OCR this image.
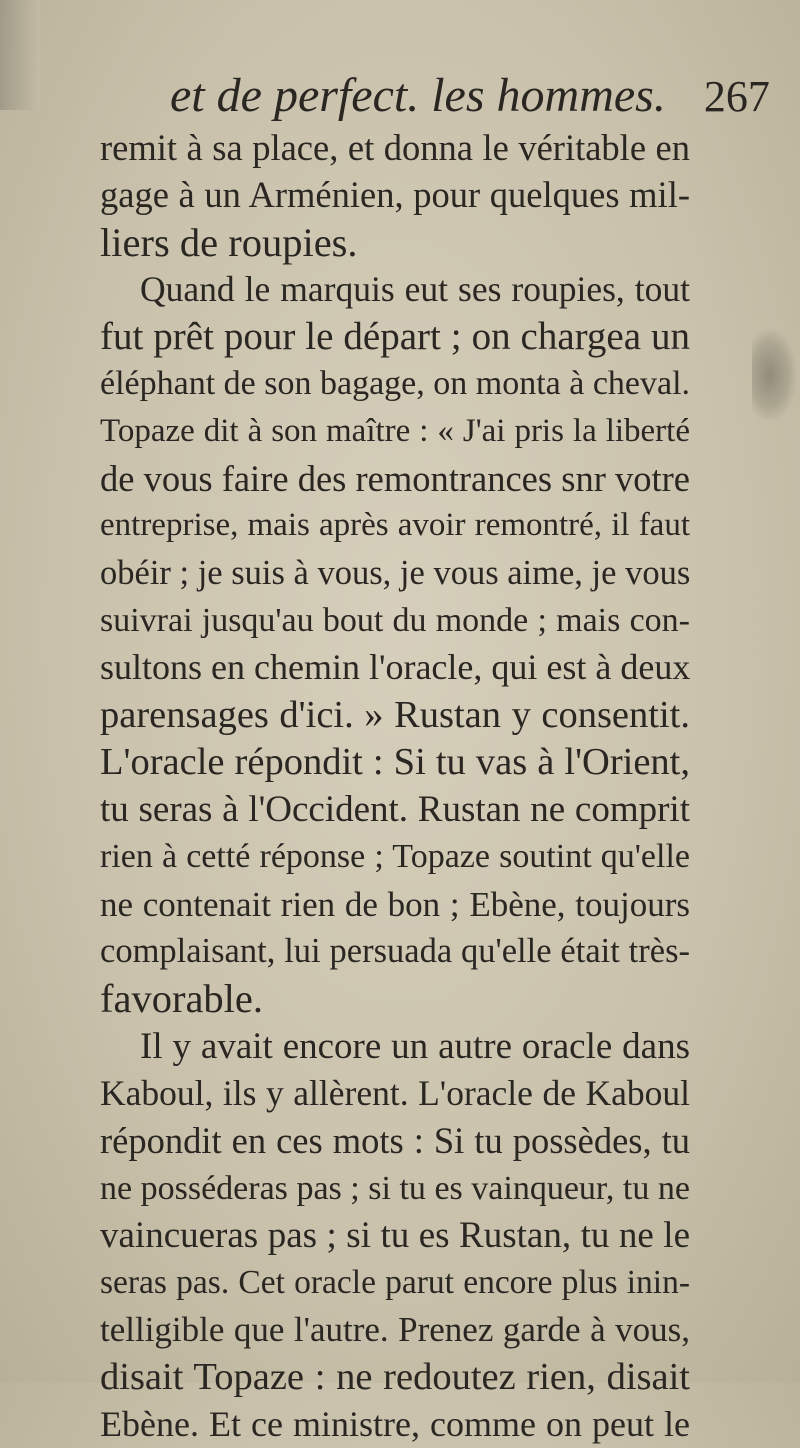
et de perfect. les hommes. 267
remit à sa place, et donna le véritable en
gage à un Arménien, pour quelques mil-
liers de roupies.
Quand le marquis eut ses roupies, tout
fut prêt pour le départ ; on chargea un
éléphant de son bagage, on monta à cheval.
Topaze dit à son maître : « J'ai pris la liberté
de vous faire des remontrances snr votre
entreprise, mais après avoir remontré, il faut
obéir ; je suis à vous, je vous aime, je vous
suivrai jusqu'au bout du monde ; mais con-
sultons en chemin l'oracle, qui est à deux
parensages d'ici. » Rustan y consentit.
L'oracle répondit : Si tu vas à l'Orient,
tu seras à l'Occident. Rustan ne comprit
rien à cetté réponse ; Topaze soutint qu'elle
ne contenait rien de bon ; Ebène, toujours
complaisant, lui persuada qu'elle était très-
favorable.
Il y avait encore un autre oracle dans
Kaboul, ils y allèrent. L'oracle de Kaboul
répondit en ces mots : Si tu possèdes, tu
ne posséderas pas ; si tu es vainqueur, tu ne
vaincueras pas ; si tu es Rustan, tu ne le
seras pas. Cet oracle parut encore plus inin-
telligible que l'autre. Prenez garde à vous,
disait Topaze : ne redoutez rien, disait
Ebène. Et ce ministre, comme on peut le
